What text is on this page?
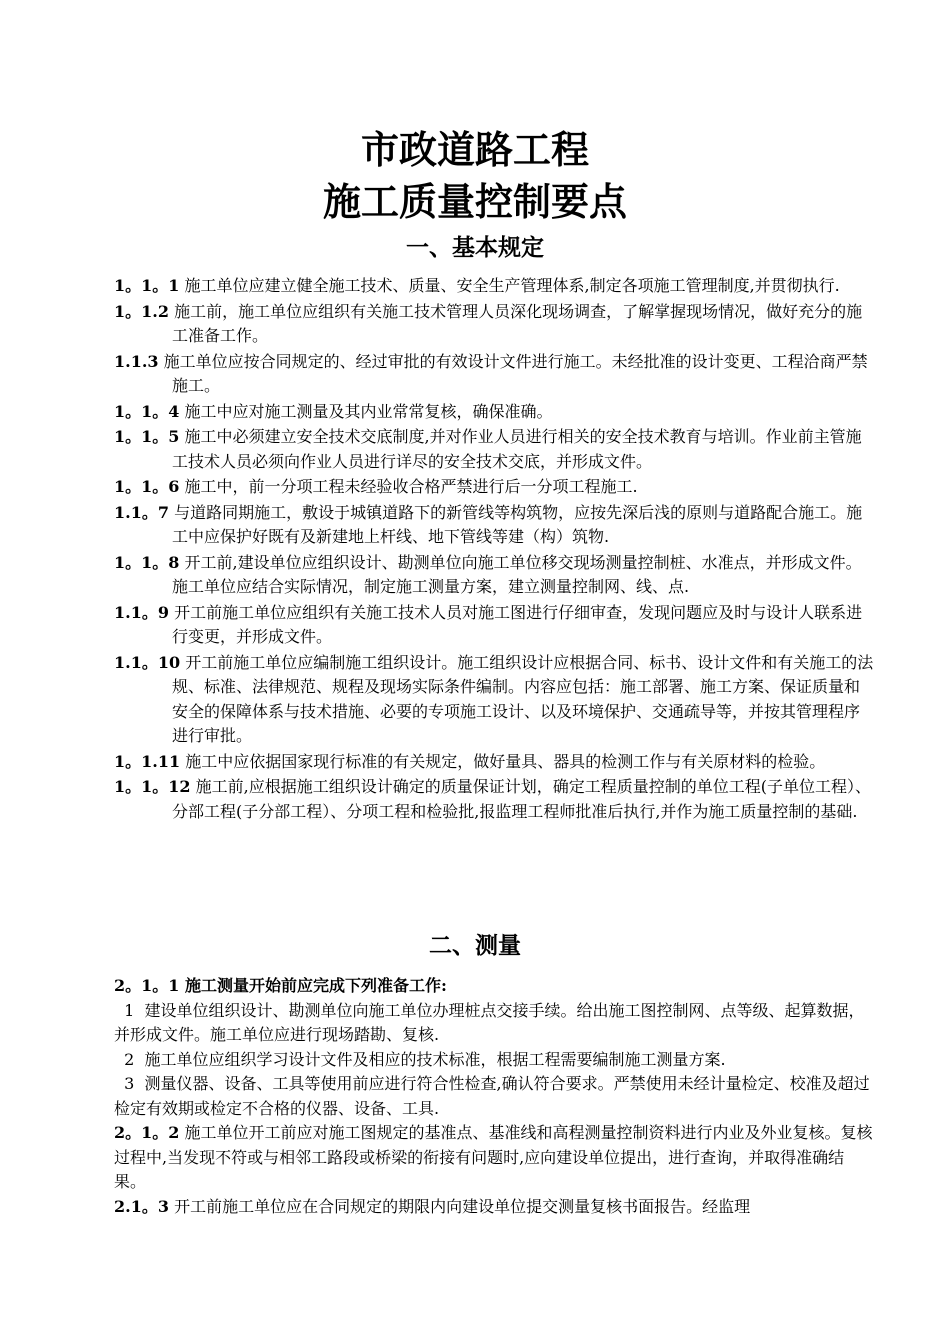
市政道路工程
施工质量控制要点
一、基本规定

1。1。1 施工单位应建立健全施工技术、质量、安全生产管理体系,制定各项施工管理制度,并贯彻执行.

1。1.2 施工前，施工单位应组织有关施工技术管理人员深化现场调查，了解掌握现场情况，做好充分的施工准备工作。

1.1.3 施工单位应按合同规定的、经过审批的有效设计文件进行施工。未经批准的设计变更、工程洽商严禁施工。

1。1。4 施工中应对施工测量及其内业常常复核，确保准确。

1。1。5 施工中必须建立安全技术交底制度,并对作业人员进行相关的安全技术教育与培训。作业前主管施工技术人员必须向作业人员进行详尽的安全技术交底，并形成文件。

1。1。6 施工中，前一分项工程未经验收合格严禁进行后一分项工程施工.

1.1。7 与道路同期施工，敷设于城镇道路下的新管线等构筑物，应按先深后浅的原则与道路配合施工。施工中应保护好既有及新建地上杆线、地下管线等建（构）筑物.

1。1。8 开工前,建设单位应组织设计、勘测单位向施工单位移交现场测量控制桩、水准点，并形成文件。施工单位应结合实际情况，制定施工测量方案，建立测量控制网、线、点.

1.1。9 开工前施工单位应组织有关施工技术人员对施工图进行仔细审查，发现问题应及时与设计人联系进行变更，并形成文件。

1.1。10 开工前施工单位应编制施工组织设计。施工组织设计应根据合同、标书、设计文件和有关施工的法规、标准、法律规范、规程及现场实际条件编制。内容应包括：施工部署、施工方案、保证质量和安全的保障体系与技术措施、必要的专项施工设计、以及环境保护、交通疏导等，并按其管理程序进行审批。

1。1.11 施工中应依据国家现行标准的有关规定，做好量具、器具的检测工作与有关原材料的检验。

1。1。12 施工前,应根据施工组织设计确定的质量保证计划，确定工程质量控制的单位工程(子单位工程）、分部工程(子分部工程）、分项工程和检验批,报监理工程师批准后执行,并作为施工质量控制的基础.

二、测量

2。1。1 施工测量开始前应完成下列准备工作:

1  建设单位组织设计、勘测单位向施工单位办理桩点交接手续。给出施工图控制网、点等级、起算数据，并形成文件。施工单位应进行现场踏勘、复核.

2  施工单位应组织学习设计文件及相应的技术标准，根据工程需要编制施工测量方案.

3  测量仪器、设备、工具等使用前应进行符合性检查,确认符合要求。严禁使用未经计量检定、校准及超过检定有效期或检定不合格的仪器、设备、工具.

2。1。2 施工单位开工前应对施工图规定的基准点、基准线和高程测量控制资料进行内业及外业复核。复核过程中,当发现不符或与相邻工路段或桥梁的衔接有问题时,应向建设单位提出，进行查询，并取得准确结果。

2.1。3 开工前施工单位应在合同规定的期限内向建设单位提交测量复核书面报告。经监理
